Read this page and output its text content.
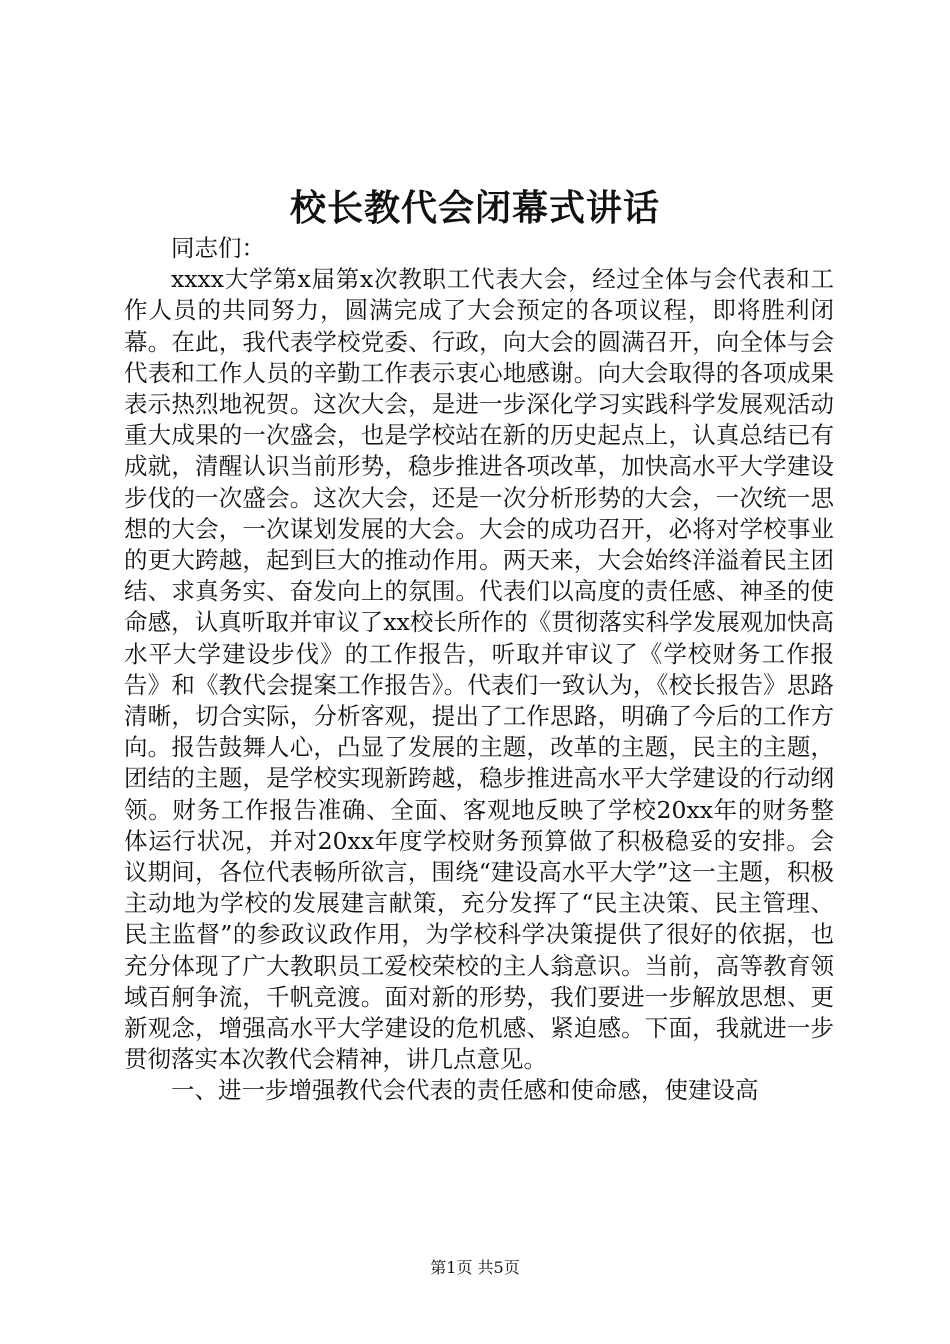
校长教代会闭幕式讲话

同志们：

xxxx大学第x届第x次教职工代表大会，经过全体与会代表和工作人员的共同努力，圆满完成了大会预定的各项议程，即将胜利闭幕。在此，我代表学校党委、行政，向大会的圆满召开，向全体与会代表和工作人员的辛勤工作表示衷心地感谢。向大会取得的各项成果表示热烈地祝贺。这次大会，是进一步深化学习实践科学发展观活动重大成果的一次盛会，也是学校站在新的历史起点上，认真总结已有成就，清醒认识当前形势，稳步推进各项改革，加快高水平大学建设步伐的一次盛会。这次大会，还是一次分析形势的大会，一次统一思想的大会，一次谋划发展的大会。大会的成功召开，必将对学校事业的更大跨越，起到巨大的推动作用。两天来，大会始终洋溢着民主团结、求真务实、奋发向上的氛围。代表们以高度的责任感、神圣的使命感，认真听取并审议了xx校长所作的《贯彻落实科学发展观加快高水平大学建设步伐》的工作报告，听取并审议了《学校财务工作报告》和《教代会提案工作报告》。代表们一致认为，《校长报告》思路清晰，切合实际，分析客观，提出了工作思路，明确了今后的工作方向。报告鼓舞人心，凸显了发展的主题，改革的主题，民主的主题，团结的主题，是学校实现新跨越，稳步推进高水平大学建设的行动纲领。财务工作报告准确、全面、客观地反映了学校20xx年的财务整体运行状况，并对20xx年度学校财务预算做了积极稳妥的安排。会议期间，各位代表畅所欲言，围绕“建设高水平大学”这一主题，积极主动地为学校的发展建言献策，充分发挥了“民主决策、民主管理、民主监督”的参政议政作用，为学校科学决策提供了很好的依据，也充分体现了广大教职员工爱校荣校的主人翁意识。当前，高等教育领域百舸争流，千帆竞渡。面对新的形势，我们要进一步解放思想、更新观念，增强高水平大学建设的危机感、紧迫感。下面，我就进一步贯彻落实本次教代会精神，讲几点意见。

一、进一步增强教代会代表的责任感和使命感，使建设高

第1页 共5页
